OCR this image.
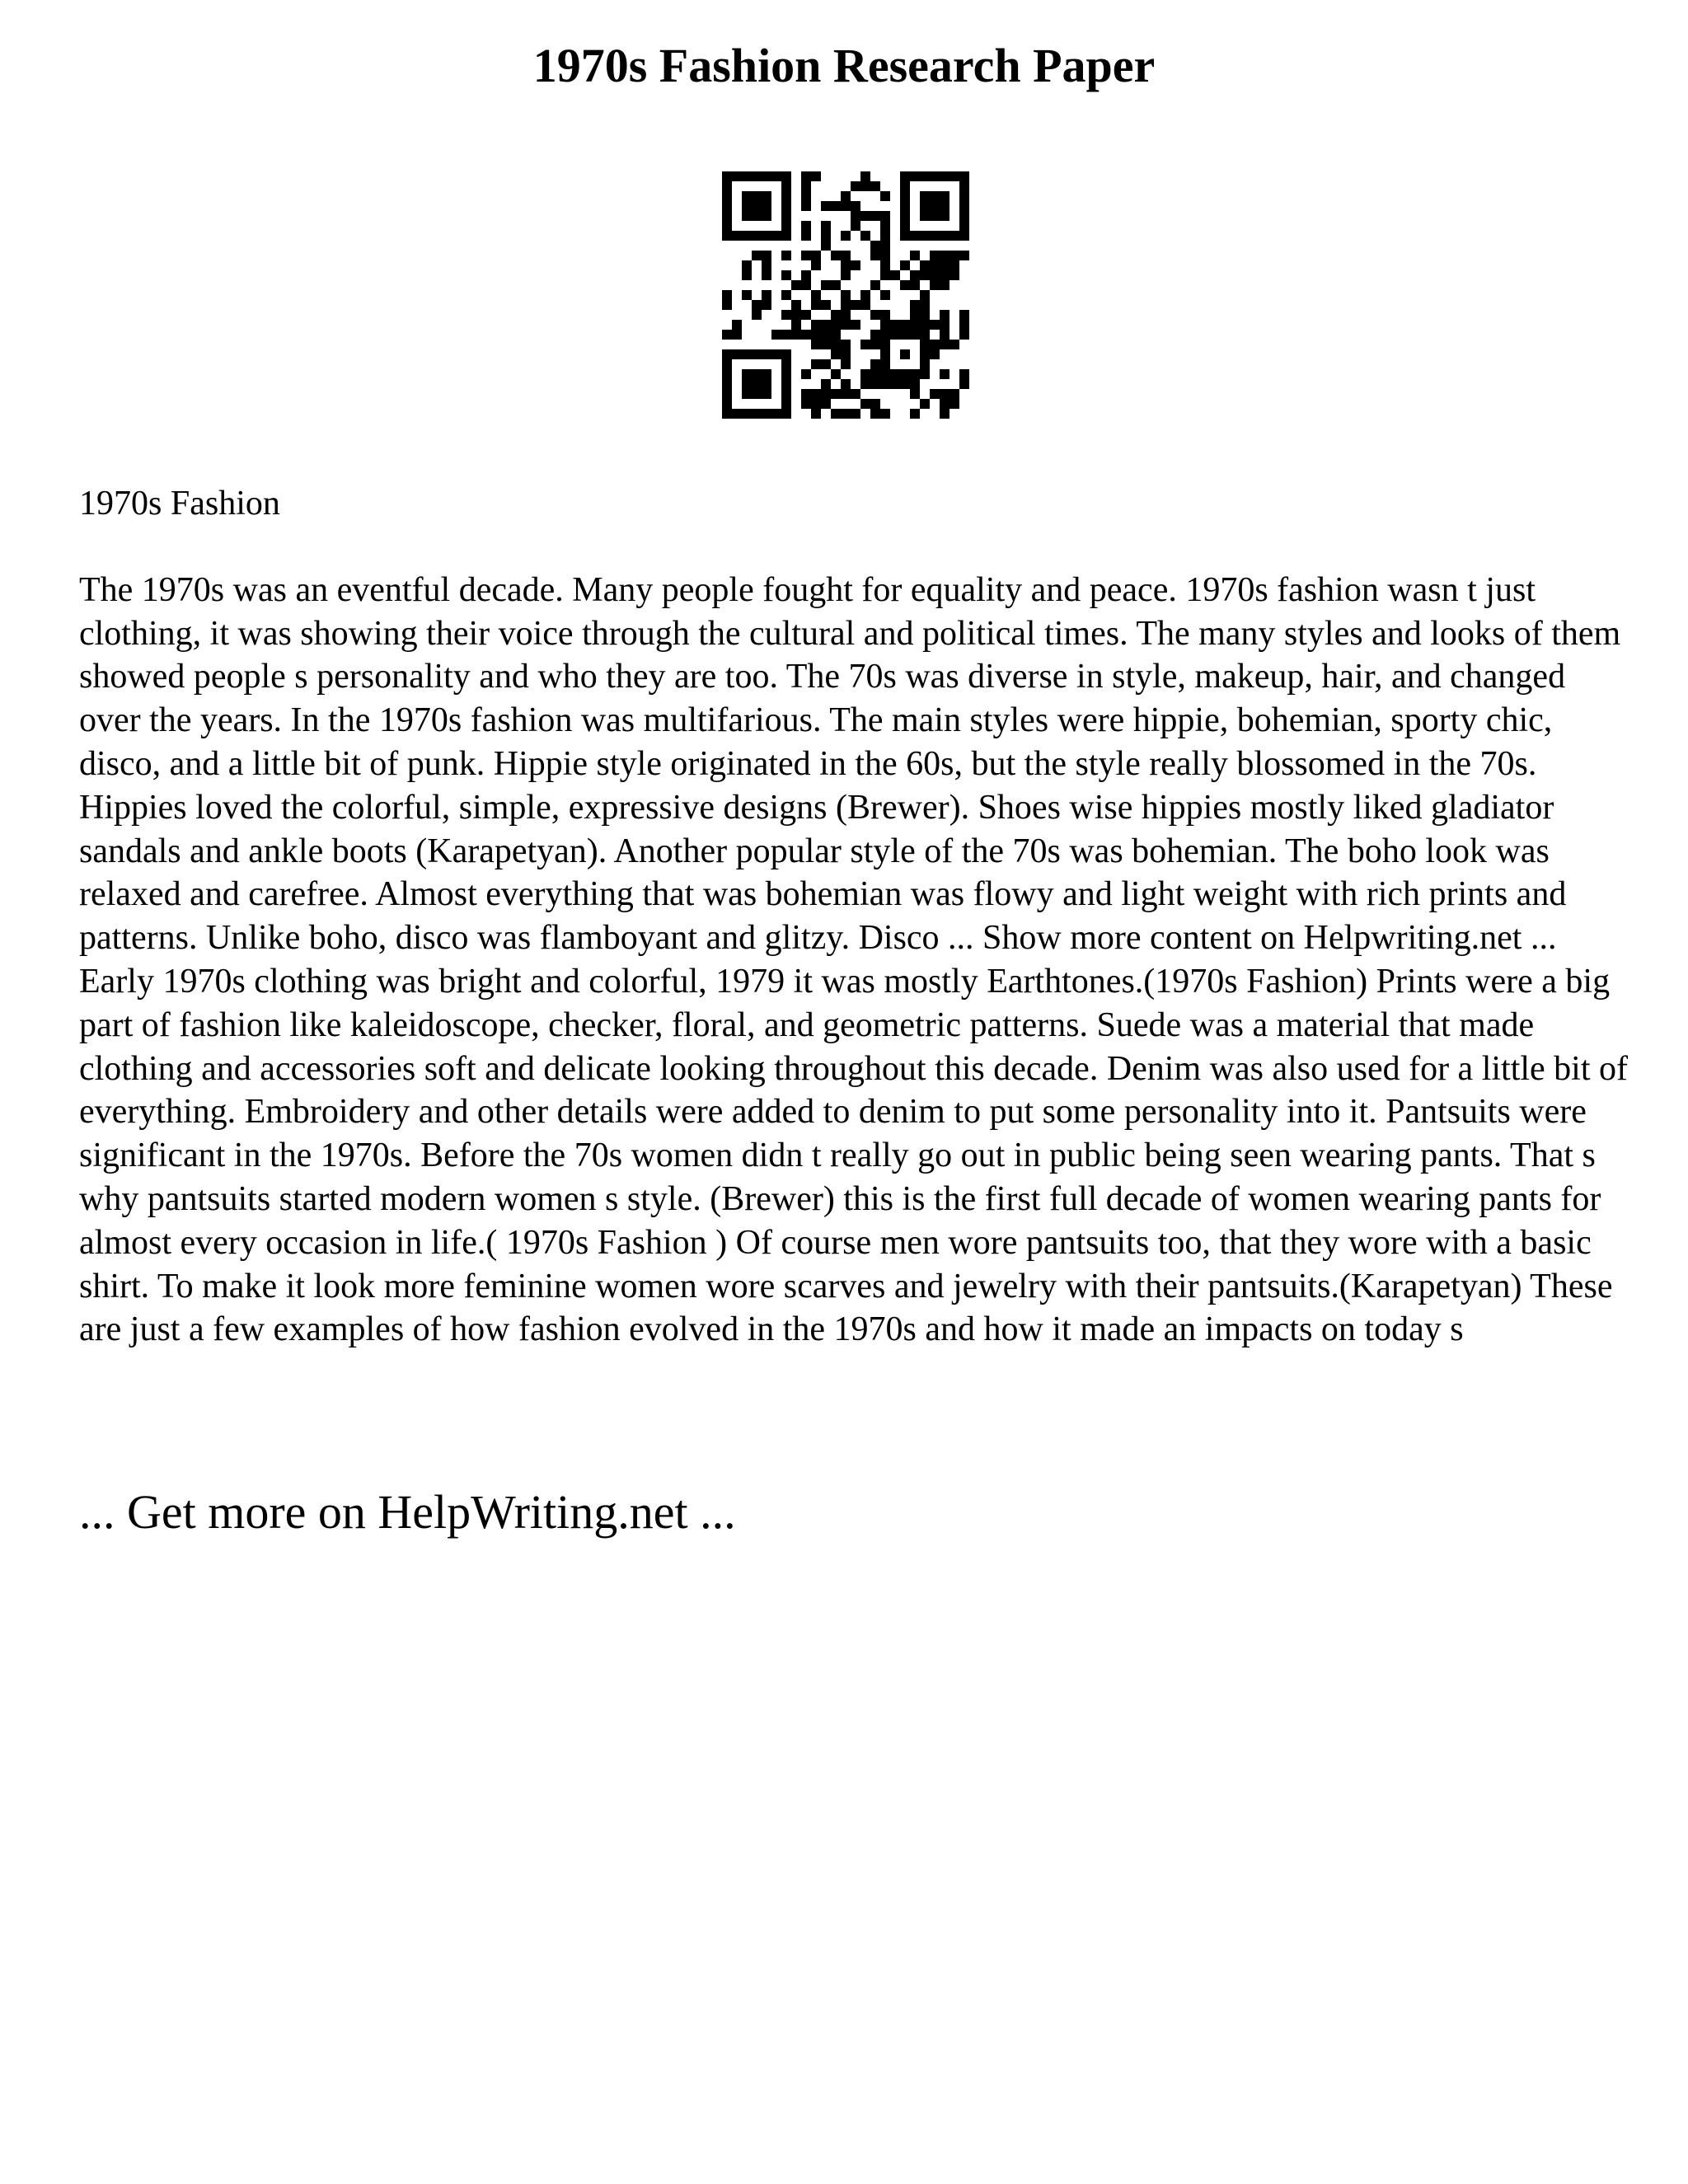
1970s Fashion Research Paper

1970s Fashion

The 1970s was an eventful decade. Many people fought for equality and peace. 1970s fashion wasn t just clothing, it was showing their voice through the cultural and political times. The many styles and looks of them showed people s personality and who they are too. The 70s was diverse in style, makeup, hair, and changed over the years. In the 1970s fashion was multifarious. The main styles were hippie, bohemian, sporty chic, disco, and a little bit of punk. Hippie style originated in the 60s, but the style really blossomed in the 70s. Hippies loved the colorful, simple, expressive designs (Brewer). Shoes wise hippies mostly liked gladiator sandals and ankle boots (Karapetyan). Another popular style of the 70s was bohemian. The boho look was relaxed and carefree. Almost everything that was bohemian was flowy and light weight with rich prints and patterns. Unlike boho, disco was flamboyant and glitzy. Disco ... Show more content on Helpwriting.net ...

Early 1970s clothing was bright and colorful, 1979 it was mostly Earthtones.(1970s Fashion) Prints were a big part of fashion like kaleidoscope, checker, floral, and geometric patterns. Suede was a material that made clothing and accessories soft and delicate looking throughout this decade. Denim was also used for a little bit of everything. Embroidery and other details were added to denim to put some personality into it. Pantsuits were significant in the 1970s. Before the 70s women didn t really go out in public being seen wearing pants. That s why pantsuits started modern women s style. (Brewer) this is the first full decade of women wearing pants for almost every occasion in life.( 1970s Fashion ) Of course men wore pantsuits too, that they wore with a basic shirt. To make it look more feminine women wore scarves and jewelry with their pantsuits.(Karapetyan) These are just a few examples of how fashion evolved in the 1970s and how it made an impacts on today s

... Get more on HelpWriting.net ...
